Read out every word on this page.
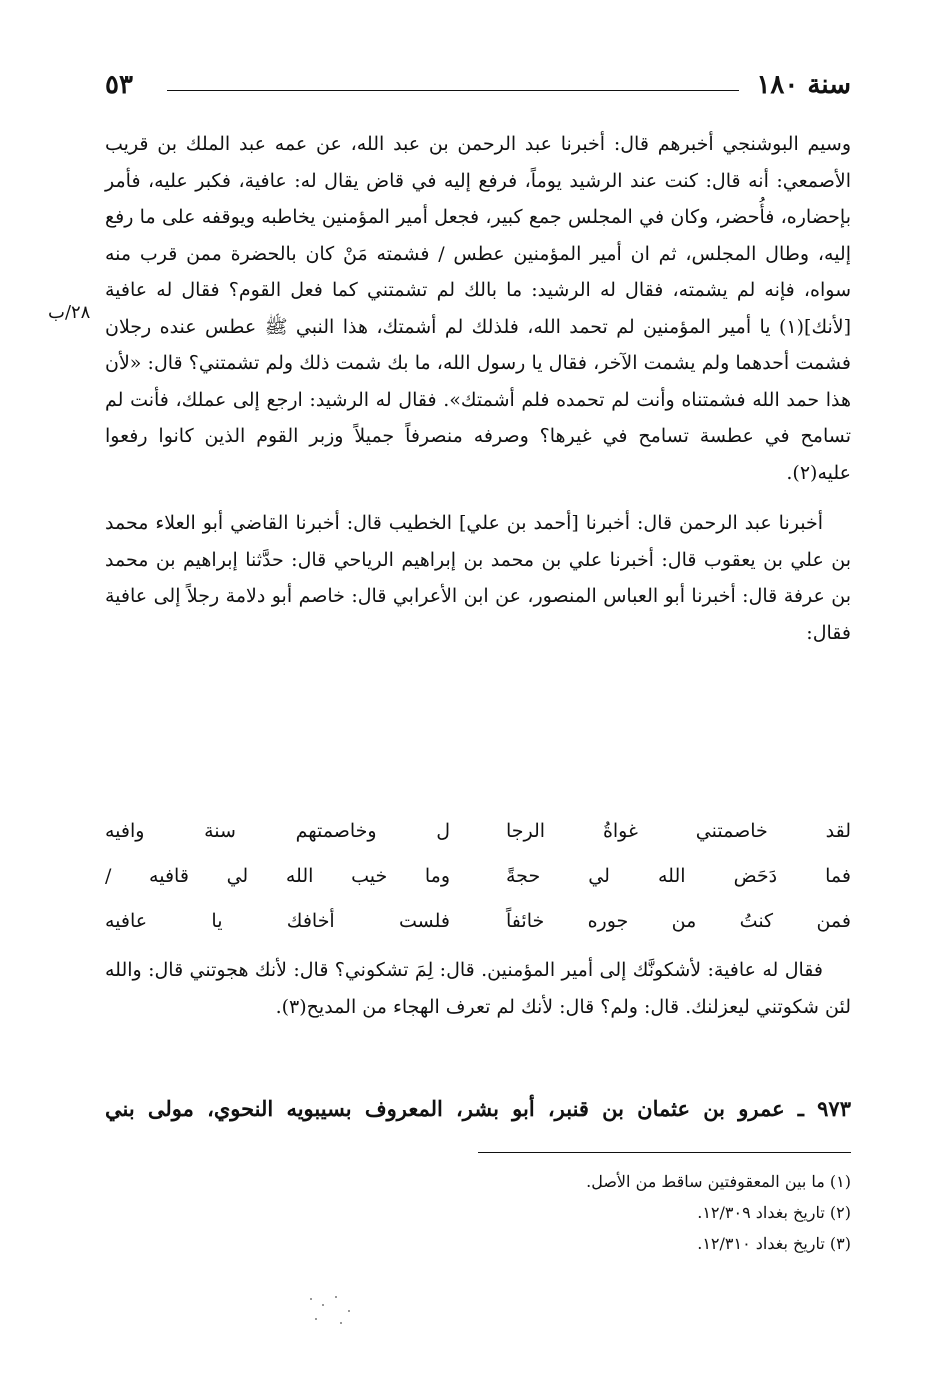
سنة ١٨٠
٥٣
٢٨/ب

وسيم البوشنجي أخبرهم قال: أخبرنا عبد الرحمن بن عبد الله، عن عمه عبد الملك بن قريب الأصمعي: أنه قال: كنت عند الرشيد يوماً، فرفع إليه في قاض يقال له: عافية، فكبر عليه، فأمر بإحضاره، فأُحضر، وكان في المجلس جمع كبير، فجعل أمير المؤمنين يخاطبه ويوقفه على ما رفع إليه، وطال المجلس، ثم ان أمير المؤمنين عطس / فشمته مَنْ كان بالحضرة ممن قرب منه سواه، فإنه لم يشمته، فقال له الرشيد: ما بالك لم تشمتني كما فعل القوم؟ فقال له عافية [لأنك](١) يا أمير المؤمنين لم تحمد الله، فلذلك لم أشمتك، هذا النبي ﷺ عطس عنده رجلان فشمت أحدهما ولم يشمت الآخر، فقال يا رسول الله، ما بك شمت ذلك ولم تشمتني؟ قال: «لأن هذا حمد الله فشمتناه وأنت لم تحمده فلم أشمتك». فقال له الرشيد: ارجع إلى عملك، فأنت لم تسامح في عطسة تسامح في غيرها؟ وصرفه منصرفاً جميلاً وزبر القوم الذين كانوا رفعوا عليه(٢).

أخبرنا عبد الرحمن قال: أخبرنا [أحمد بن علي] الخطيب قال: أخبرنا القاضي أبو العلاء محمد بن علي بن يعقوب قال: أخبرنا علي بن محمد بن إبراهيم الرياحي قال: حدَّثنا إبراهيم بن محمد بن عرفة قال: أخبرنا أبو العباس المنصور، عن ابن الأعرابي قال: خاصم أبو دلامة رجلاً إلى عافية فقال:

لقد خاصمتني غواةُ الرجا
ل وخاصمتهم سنة وافيه
فما دَحَض الله لي حجةً
وما خيب الله لي قافيه /
فمن كنتُ من جوره خائفاً
فلست أخافك يا عافيه

فقال له عافية: لأشكونَّك إلى أمير المؤمنين. قال: لِمَ تشكوني؟ قال: لأنك هجوتني قال: والله لئن شكوتني ليعزلنك. قال: ولم؟ قال: لأنك لم تعرف الهجاء من المديح(٣).

٩٧٣ ـ عمرو بن عثمان بن قنبر، أبو بشر، المعروف بسيبويه النحوي، مولى بني
(١) ما بين المعقوفتين ساقط من الأصل.
(٢) تاريخ بغداد ١٢/٣٠٩.
(٣) تاريخ بغداد ١٢/٣١٠.
